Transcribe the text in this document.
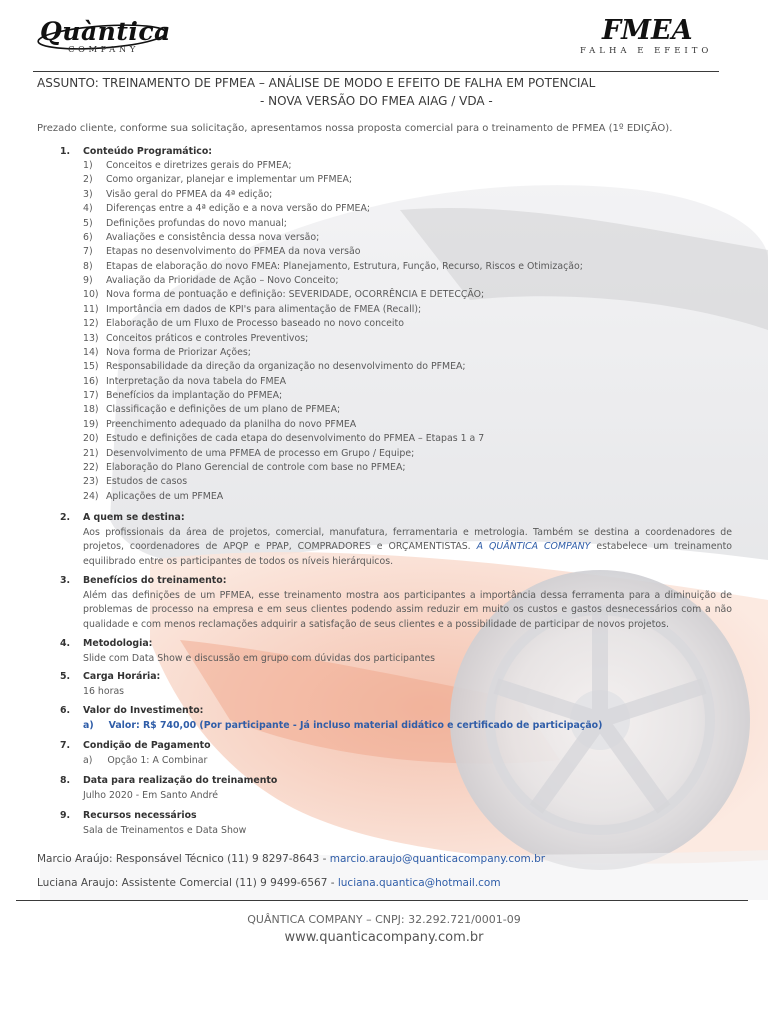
Quàntica
COMPANY
FMEA
FALHA E EFEITO
ASSUNTO: TREINAMENTO DE PFMEA – ANÁLISE DE MODO E EFEITO DE FALHA EM POTENCIAL
- NOVA VERSÃO DO FMEA AIAG / VDA -
Prezado cliente, conforme sua solicitação, apresentamos nossa proposta comercial para o treinamento de PFMEA (1º EDIÇÃO).
1. Conteúdo Programático:
1)	Conceitos e diretrizes gerais do PFMEA;
2)	Como organizar, planejar e implementar um PFMEA;
3)	Visão geral do PFMEA da 4ª edição;
4)	Diferenças entre a 4ª edição e a nova versão do PFMEA;
5)	Definições profundas do novo manual;
6)	Avaliações e consistência dessa nova versão;
7)	Etapas no desenvolvimento do PFMEA da nova versão
8)	Etapas de elaboração do novo FMEA: Planejamento, Estrutura, Função, Recurso, Riscos e Otimização;
9)	Avaliação da Prioridade de Ação – Novo Conceito;
10) Nova forma de pontuação e definição: SEVERIDADE, OCORRÊNCIA E DETECÇÃO;
11) Importância em dados de KPI's para alimentação de FMEA (Recall);
12) Elaboração de um Fluxo de Processo baseado no novo conceito
13) Conceitos práticos e controles Preventivos;
14) Nova forma de Priorizar Ações;
15) Responsabilidade da direção da organização no desenvolvimento do PFMEA;
16) Interpretação da nova tabela do FMEA
17) Benefícios da implantação do PFMEA;
18) Classificação e definições de um plano de PFMEA;
19) Preenchimento adequado da planilha do novo PFMEA
20) Estudo e definições de cada etapa do desenvolvimento do PFMEA – Etapas 1 a 7
21) Desenvolvimento de uma PFMEA de processo em Grupo / Equipe;
22) Elaboração do Plano Gerencial de controle com base no PFMEA;
23) Estudos de casos
24) Aplicações de um PFMEA
2. A quem se destina:
Aos profissionais da área de projetos, comercial, manufatura, ferramentaria e metrologia. Também se destina a coordenadores de projetos, coordenadores de APQP e PPAP, COMPRADORES e ORÇAMENTISTAS. A QUÂNTICA COMPANY estabelece um treinamento equilibrado entre os participantes de todos os níveis hierárquicos.
3. Benefícios do treinamento:
Além das definições de um PFMEA, esse treinamento mostra aos participantes a importância dessa ferramenta para a diminuição de problemas de processo na empresa e em seus clientes podendo assim reduzir em muito os custos e gastos desnecessários com a não qualidade e com menos reclamações adquirir a satisfação de seus clientes e a possibilidade de participar de novos projetos.
4. Metodologia:
Slide com Data Show e discussão em grupo com dúvidas dos participantes
5. Carga Horária:
16 horas
6. Valor do Investimento:
a) Valor: R$ 740,00 (Por participante - Já incluso material didático e certificado de participação)
7. Condição de Pagamento
a) Opção 1: A Combinar
8. Data para realização do treinamento
Julho 2020 - Em Santo André
9. Recursos necessários
Sala de Treinamentos e Data Show
Marcio Araújo: Responsável Técnico (11) 9 8297-8643 - marcio.araujo@quanticacompany.com.br
Luciana Araujo: Assistente Comercial (11) 9 9499-6567 - luciana.quantica@hotmail.com
QUÂNTICA COMPANY – CNPJ: 32.292.721/0001-09
www.quanticacompany.com.br
